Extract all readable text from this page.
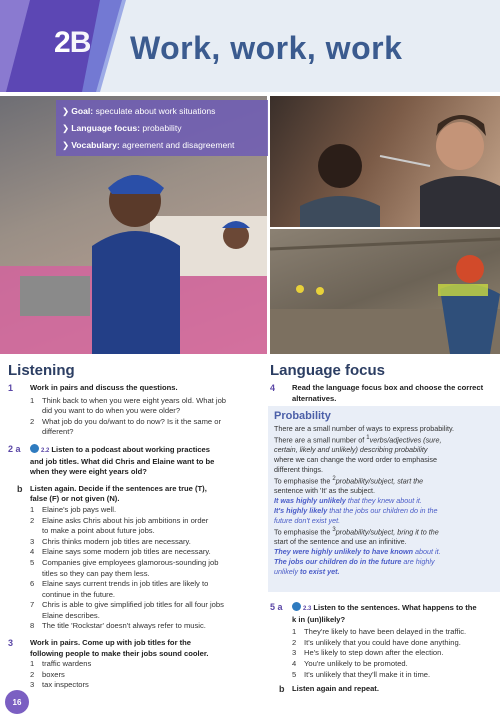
2B Work, work, work
❯ Goal: speculate about work situations
❯ Language focus: probability
❯ Vocabulary: agreement and disagreement
Listening
1 Work in pairs and discuss the questions.
1 Think back to when you were eight years old. What job
did you want to do when you were older?
2 What job do you do/want to do now? Is it the same or
different?
2 a	2.2 Listen to a podcast about working practices
and job titles. What did Chris and Elaine want to be
when they were eight years old?
b Listen again. Decide if the sentences are true (T),
false (F) or not given (N).
1 Elaine's job pays well.
2 Elaine asks Chris about his job ambitions in order
to make a point about future jobs.
3 Chris thinks modern job titles are necessary.
4 Elaine says some modern job titles are necessary.
5 Companies give employees glamorous-sounding job
titles so they can pay them less.
6 Elaine says current trends in job titles are likely to
continue in the future.
7 Chris is able to give simplified job titles for all four jobs
Elaine describes.
8 The title 'Rockstar' doesn't always refer to music.
3 Work in pairs. Come up with job titles for the
following people to make their jobs sound cooler.
1 traffic wardens
2 boxers
3 tax inspectors
Language focus
4 Read the language focus box and choose the correct
alternatives.
Probability
There are a small number of ways to express probability.
There are a small number of $^1$verbs/adjectives (sure,
certain, likely and unlikely) describing probability
where we can change the word order to emphasise
different things.
To emphasise the $^2$probability/subject, start the
sentence with 'It' as the subject.
It was highly unlikely that they knew about it.
It's highly likely that the jobs our children do in the
future don't exist yet.
To emphasise the $^3$probability/subject, bring it to the
start of the sentence and use an infinitive.
They were highly unlikely to have known about it.
The jobs our children do in the future are highly
unlikely to exist yet.
5 a	2.3 Listen to the sentences. What happens to the
k in (un)likely?
1 They're likely to have been delayed in the traffic.
2 It's unlikely that you could have done anything.
3 He's likely to step down after the election.
4 You're unlikely to be promoted.
5 It's unlikely that they'll make it in time.
b Listen again and repeat.
16
